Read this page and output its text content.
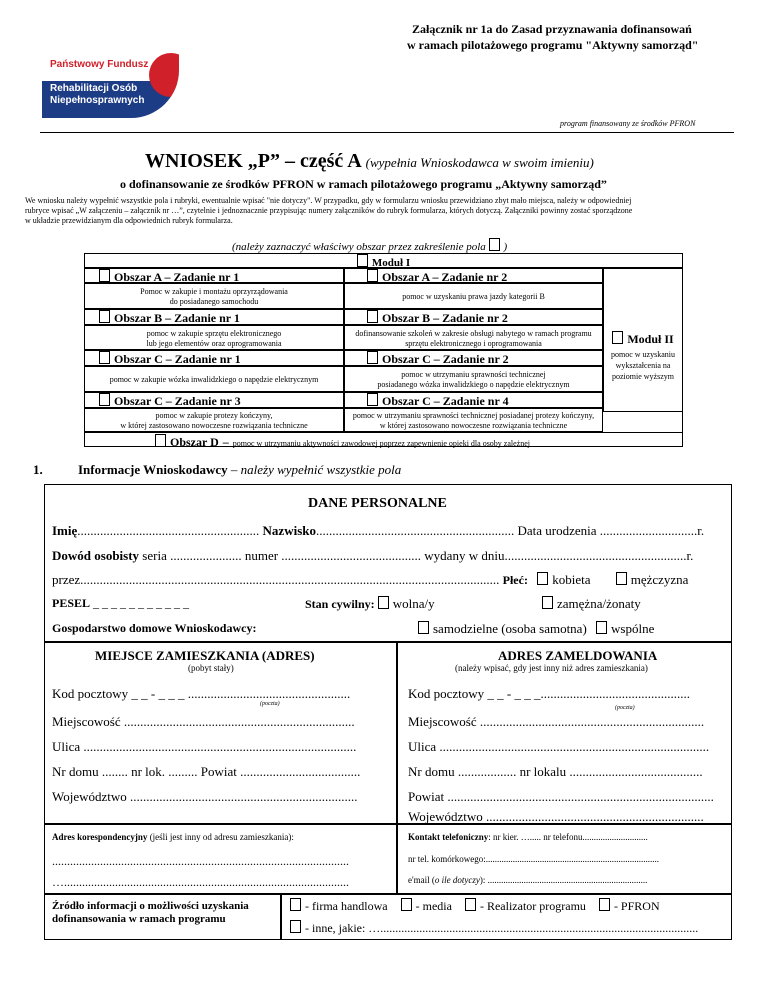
Załącznik nr 1a do Zasad przyznawania dofinansowań
w ramach pilotażowego programu "Aktywny samorząd"
Państwowy Fundusz
Rehabilitacji Osób
Niepełnosprawnych
program finansowany ze środków PFRON
WNIOSEK „P” – część A (wypełnia Wnioskodawca w swoim imieniu)
o dofinansowanie ze środków PFRON w ramach pilotażowego programu „Aktywny samorząd”
We wniosku należy wypełnić wszystkie pola i rubryki, ewentualnie wpisać "nie dotyczy". W przypadku, gdy w formularzu wniosku przewidziano zbyt mało miejsca, należy w odpowiedniej
rubryce wpisać „W załączeniu – załącznik nr …”, czytelnie i jednoznacznie przypisując numery załączników do rubryk formularza, których dotyczą. Załączniki powinny zostać sporządzone
w układzie przewidzianym dla odpowiednich rubryk formularza.
(należy zaznaczyć właściwy obszar przez zakreślenie pola )
Moduł I
Moduł II
pomoc w uzyskaniu
wykształcenia na
poziomie wyższym
Obszar A – Zadanie nr 1	Obszar A – Zadanie nr 2
Pomoc w zakupie i montażu oprzyrządowania
do posiadanego samochodu
pomoc w uzyskaniu prawa jazdy kategorii B
Obszar B – Zadanie nr 1	Obszar B – Zadanie nr 2
pomoc w zakupie sprzętu elektronicznego
lub jego elementów oraz oprogramowania
dofinansowanie szkoleń w zakresie obsługi nabytego w ramach programu
sprzętu elektronicznego i oprogramowania
Obszar C – Zadanie nr 1	Obszar C – Zadanie nr 2
pomoc w zakupie wózka inwalidzkiego o napędzie elektrycznym
pomoc w utrzymaniu sprawności technicznej
posiadanego wózka inwalidzkiego o napędzie elektrycznym
Obszar C – Zadanie nr 3	Obszar C – Zadanie nr 4
pomoc w zakupie protezy kończyny,
w której zastosowano nowoczesne rozwiązania techniczne
pomoc w utrzymaniu sprawności technicznej posiadanej protezy kończyny,
w której zastosowano nowoczesne rozwiązania techniczne
Obszar D – pomoc w utrzymaniu aktywności zawodowej poprzez zapewnienie opieki dla osoby zależnej
1.	Informacje Wnioskodawcy – należy wypełnić wszystkie pola
DANE PERSONALNE
Imię........................................................ Nazwisko............................................................. Data urodzenia ..............................r.
Dowód osobisty seria ...................... numer ........................................... wydany w dniu........................................................r.
przez................................................................................................................................. Płeć: kobieta	mężczyzna
PESEL _ _ _ _ _ _ _ _ _ _ _	Stan cywilny: wolna/y	zamężna/żonaty
Gospodarstwo domowe Wnioskodawcy:	samodzielne (osoba samotna) wspólne
MIEJSCE ZAMIESZKANIA (ADRES)
(pobyt stały)
ADRES ZAMELDOWANIA
(należy wpisać, gdy jest inny niż adres zamieszkania)
Kod pocztowy _ _ - _ _ _ ..................................................
(poczta)
Kod pocztowy _ _ - _ _ _..............................................
(poczta)
Miejscowość .......................................................................	Miejscowość .....................................................................
Ulica ....................................................................................	Ulica ...................................................................................
Nr domu ........ nr lok. ......... Powiat .....................................	Nr domu .................. nr lokalu .........................................
Województwo ......................................................................	Powiat ..................................................................................
Województwo ...................................................................
Adres korespondencyjny (jeśli jest inny od adresu zamieszkania):
...................................................................................................
…...............................................................................................
Kontakt telefoniczny: nr kier. …..... nr telefonu.............................
nr tel. komórkowego:.............................................................................
e'mail (o ile dotyczy): .......................................................................
Źródło informacji o możliwości uzyskania
dofinansowania w ramach programu
- firma handlowa - media - Realizator programu - PFRON
- inne, jakie: …..........................................................................................................
